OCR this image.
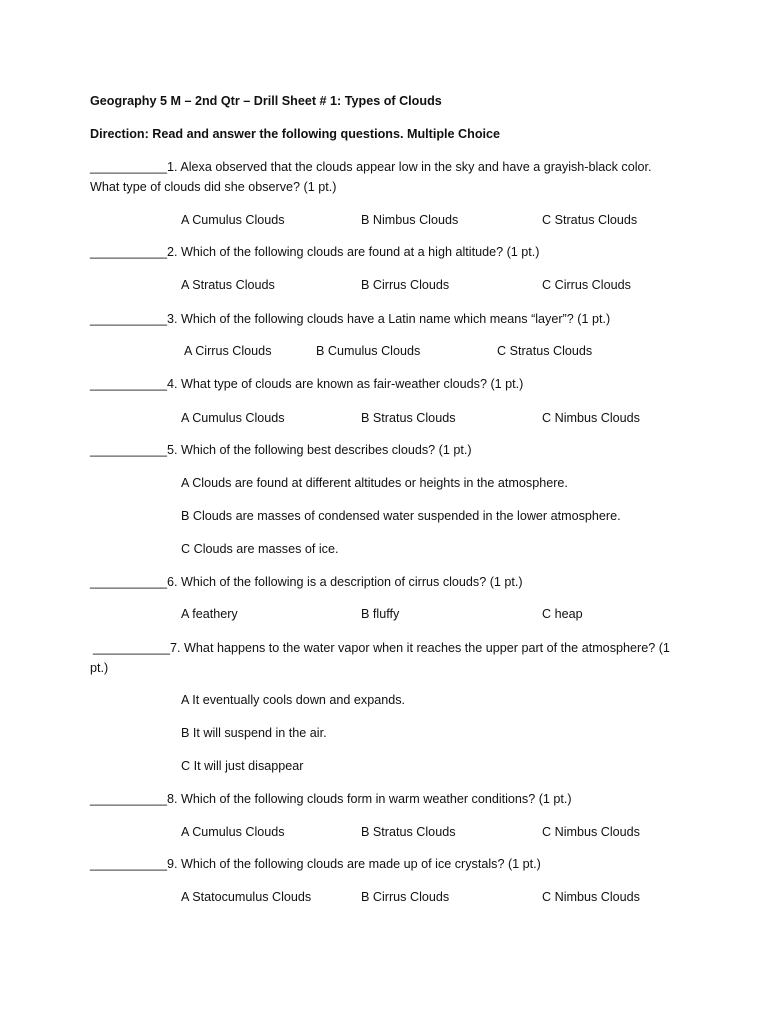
Geography 5 M – 2nd Qtr – Drill Sheet # 1: Types of Clouds
Direction: Read and answer the following questions. Multiple Choice
___________1. Alexa observed that the clouds appear low in the sky and have a grayish-black color. What type of clouds did she observe? (1 pt.)
A Cumulus Clouds	B Nimbus Clouds	C Stratus Clouds
___________2. Which of the following clouds are found at a high altitude? (1 pt.)
A Stratus Clouds	B Cirrus Clouds	C Cirrus Clouds
___________3. Which of the following clouds have a Latin name which means “layer”? (1 pt.)
A Cirrus Clouds	B Cumulus Clouds	C Stratus Clouds
___________4. What type of clouds are known as fair-weather clouds? (1 pt.)
A Cumulus Clouds	B Stratus Clouds	C Nimbus Clouds
___________5. Which of the following best describes clouds? (1 pt.)
A Clouds are found at different altitudes or heights in the atmosphere.
B Clouds are masses of condensed water suspended in the lower atmosphere.
C Clouds are masses of ice.
___________6. Which of the following is a description of cirrus clouds? (1 pt.)
A feathery	B fluffy	C heap
___________7. What happens to the water vapor when it reaches the upper part of the atmosphere? (1 pt.)
A It eventually cools down and expands.
B It will suspend in the air.
C It will just disappear
___________8. Which of the following clouds form in warm weather conditions? (1 pt.)
A Cumulus Clouds	B Stratus Clouds	C Nimbus Clouds
___________9. Which of the following clouds are made up of ice crystals? (1 pt.)
A Statocumulus Clouds	B Cirrus Clouds	C Nimbus Clouds
